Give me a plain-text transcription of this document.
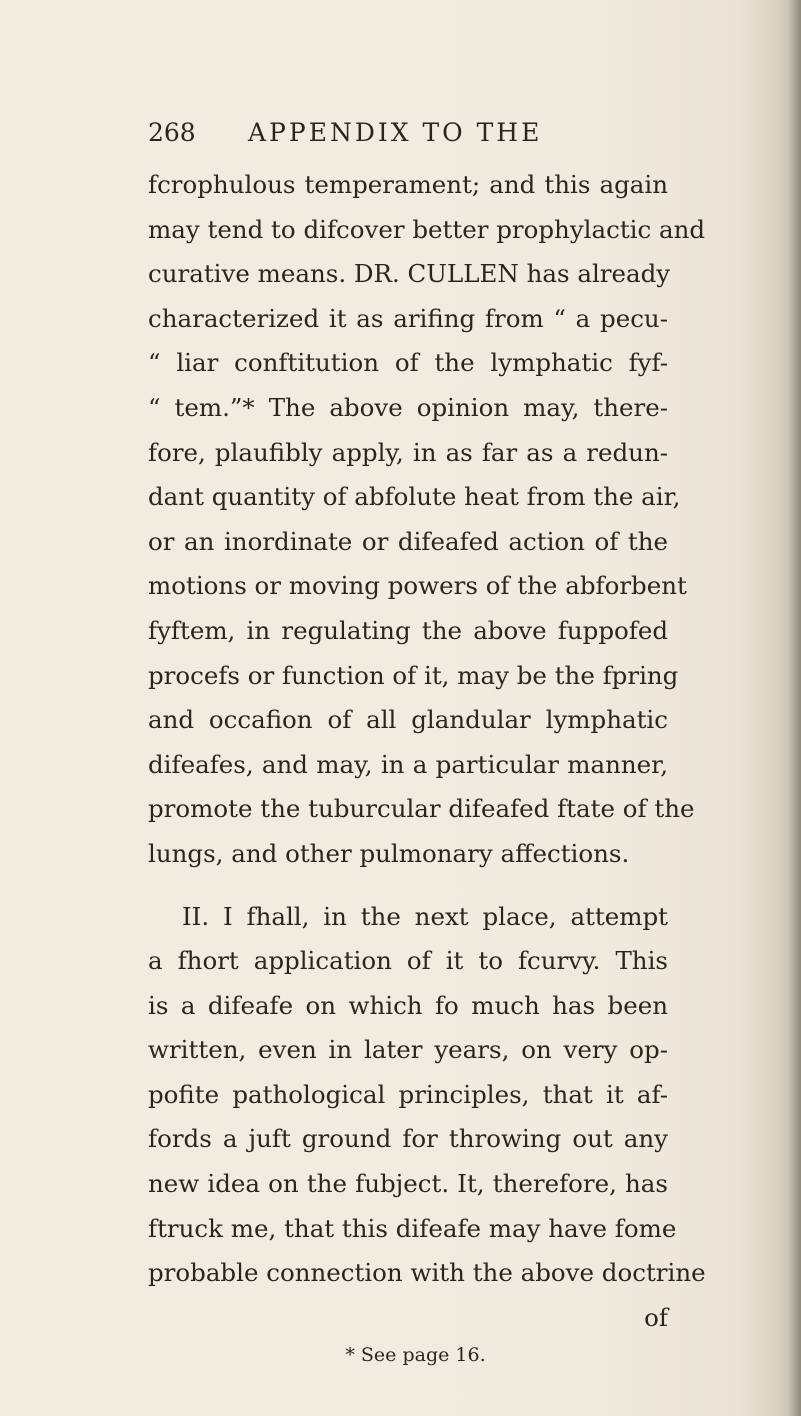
268 APPENDIX TO THE
fcrophulous temperament; and this again
may tend to difcover better prophylactic and
curative means. DR. CULLEN has already
characterized it as arifing from “ a pecu-
“ liar conftitution of the lymphatic fyf-
“ tem.”* The above opinion may, there-
fore, plaufibly apply, in as far as a redun-
dant quantity of abfolute heat from the air,
or an inordinate or difeafed action of the
motions or moving powers of the abforbent
fyftem, in regulating the above fuppofed
procefs or function of it, may be the fpring
and occafion of all glandular lymphatic
difeafes, and may, in a particular manner,
promote the tuburcular difeafed ftate of the
lungs, and other pulmonary affections.
II. I fhall, in the next place, attempt
a fhort application of it to fcurvy. This
is a difeafe on which fo much has been
written, even in later years, on very op-
pofite pathological principles, that it af-
fords a juft ground for throwing out any
new idea on the fubject. It, therefore, has
ftruck me, that this difeafe may have fome
probable connection with the above doctrine
of
* See page 16.
